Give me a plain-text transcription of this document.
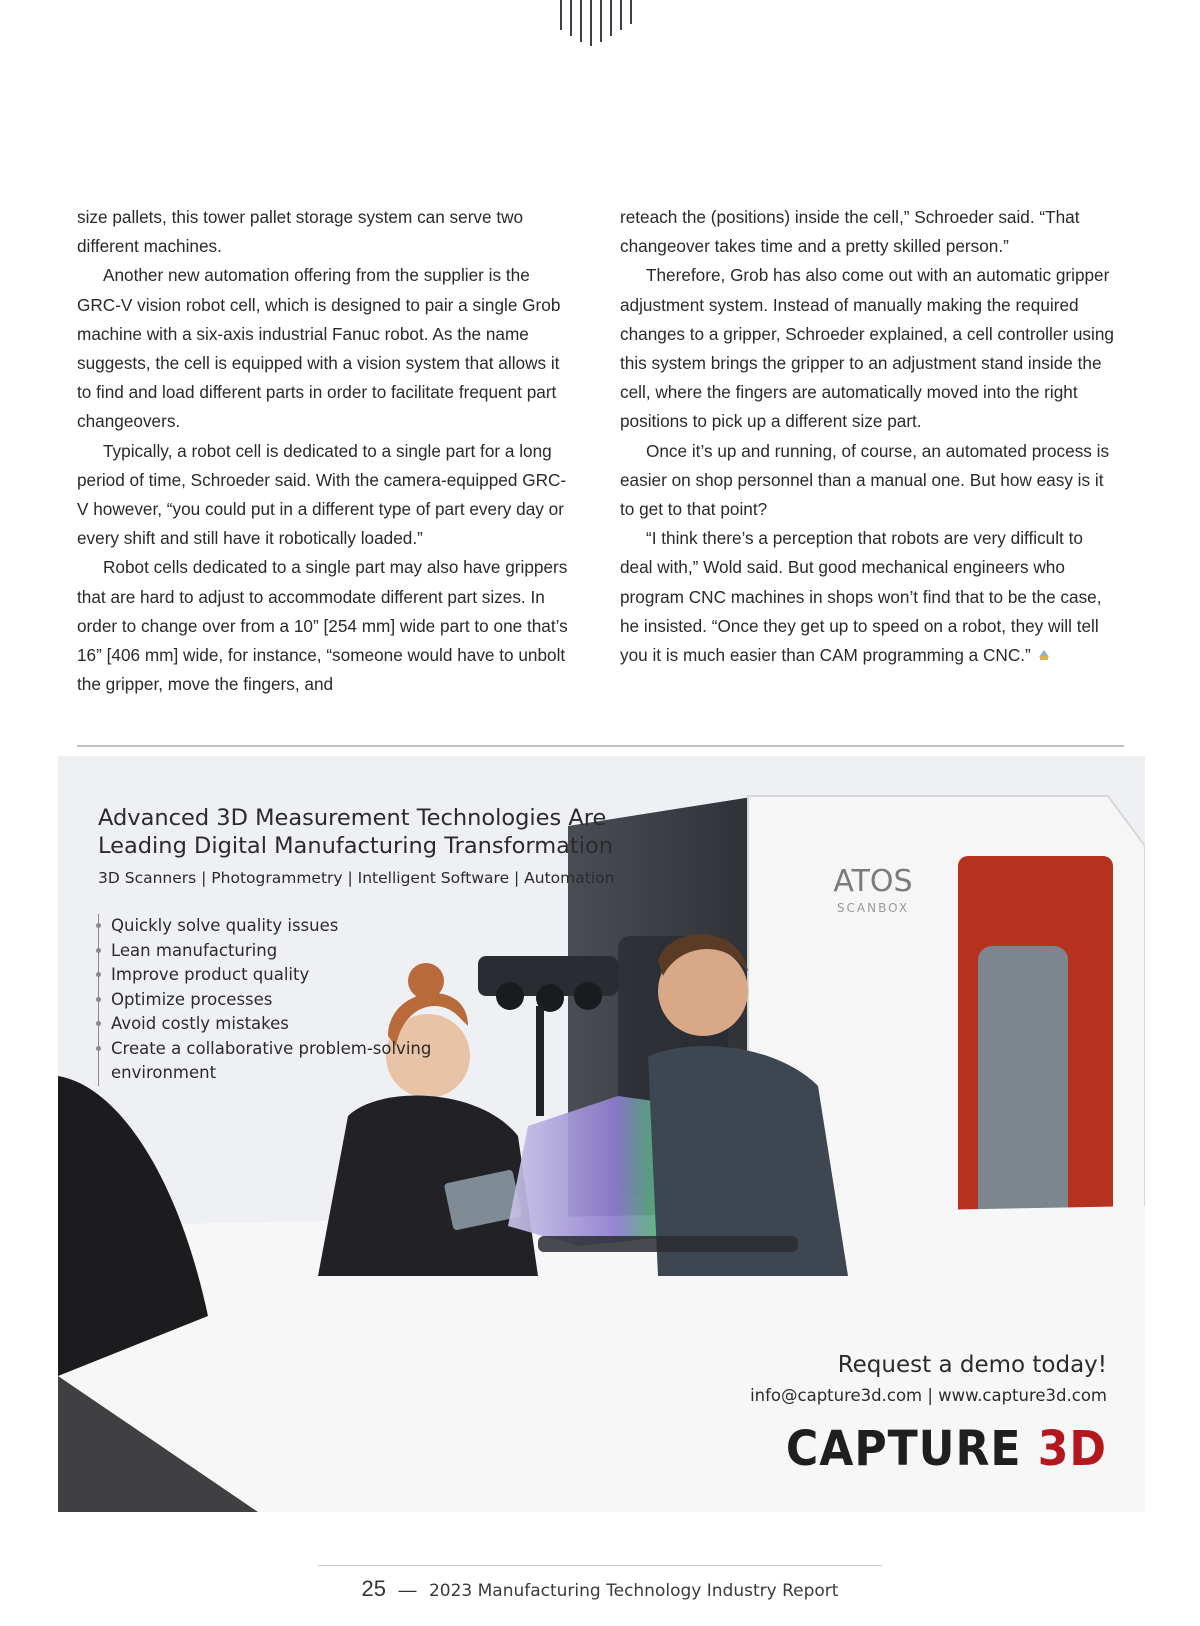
size pallets, this tower pallet storage system can serve two different machines.

Another new automation offering from the supplier is the GRC-V vision robot cell, which is designed to pair a single Grob machine with a six-axis industrial Fanuc robot. As the name suggests, the cell is equipped with a vision system that allows it to find and load different parts in order to facilitate frequent part changeovers.

Typically, a robot cell is dedicated to a single part for a long period of time, Schroeder said. With the camera-equipped GRC-V however, “you could put in a different type of part every day or every shift and still have it robotically loaded.”

Robot cells dedicated to a single part may also have grippers that are hard to adjust to accommodate different part sizes. In order to change over from a 10” [254 mm] wide part to one that’s 16” [406 mm] wide, for instance, “someone would have to unbolt the gripper, move the fingers, and

reteach the (positions) inside the cell,” Schroeder said. “That changeover takes time and a pretty skilled person.”

Therefore, Grob has also come out with an automatic gripper adjustment system. Instead of manually making the required changes to a gripper, Schroeder explained, a cell controller using this system brings the gripper to an adjustment stand inside the cell, where the fingers are automatically moved into the right positions to pick up a different size part.

Once it’s up and running, of course, an automated process is easier on shop personnel than a manual one. But how easy is it to get to that point?

“I think there’s a perception that robots are very difficult to deal with,” Wold said. But good mechanical engineers who program CNC machines in shops won’t find that to be the case, he insisted. “Once they get up to speed on a robot, they will tell you it is much easier than CAM programming a CNC.”

ATOS
SCANBOX
Advanced 3D Measurement Technologies Are Leading Digital Manufacturing Transformation
3D Scanners | Photogrammetry | Intelligent Software | Automation
Quickly solve quality issues
Lean manufacturing
Improve product quality
Optimize processes
Avoid costly mistakes
Create a collaborative problem-solving environment
Request a demo today!
info@capture3d.com | www.capture3d.com
CAPTURE 3D
25 — 2023 Manufacturing Technology Industry Report
